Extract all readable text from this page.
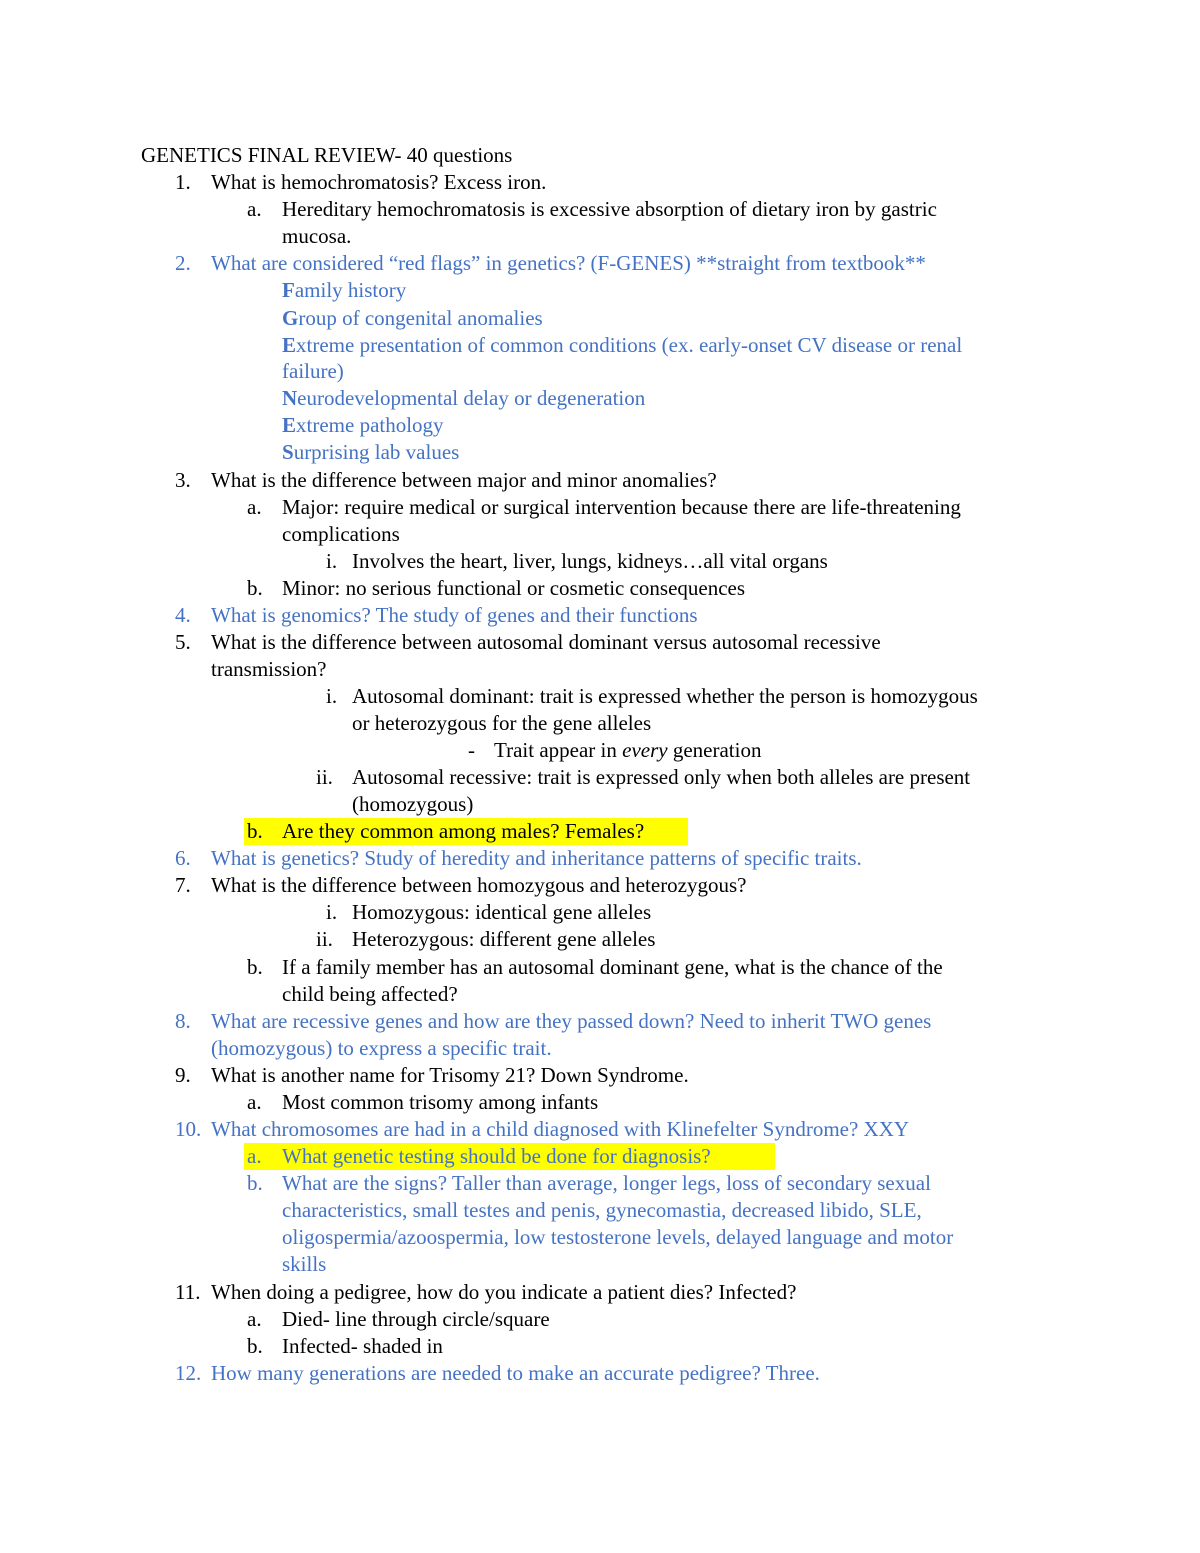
GENETICS FINAL REVIEW- 40 questions
1. What is hemochromatosis? Excess iron.
a. Hereditary hemochromatosis is excessive absorption of dietary iron by gastric
mucosa.
2. What are considered “red flags” in genetics? (F-GENES) **straight from textbook**
Family history
Group of congenital anomalies
Extreme presentation of common conditions (ex. early-onset CV disease or renal
failure)
Neurodevelopmental delay or degeneration
Extreme pathology
Surprising lab values
3. What is the difference between major and minor anomalies?
a. Major: require medical or surgical intervention because there are life-threatening
complications
i. Involves the heart, liver, lungs, kidneys…all vital organs
b. Minor: no serious functional or cosmetic consequences
4. What is genomics? The study of genes and their functions
5. What is the difference between autosomal dominant versus autosomal recessive
transmission?
i. Autosomal dominant: trait is expressed whether the person is homozygous
or heterozygous for the gene alleles
- Trait appear in every generation
ii. Autosomal recessive: trait is expressed only when both alleles are present
(homozygous)
b. Are they common among males? Females?
6. What is genetics? Study of heredity and inheritance patterns of specific traits.
7. What is the difference between homozygous and heterozygous?
i. Homozygous: identical gene alleles
ii. Heterozygous: different gene alleles
b. If a family member has an autosomal dominant gene, what is the chance of the
child being affected?
8. What are recessive genes and how are they passed down? Need to inherit TWO genes
(homozygous) to express a specific trait.
9. What is another name for Trisomy 21? Down Syndrome.
a. Most common trisomy among infants
10. What chromosomes are had in a child diagnosed with Klinefelter Syndrome? XXY
a. What genetic testing should be done for diagnosis?
b. What are the signs? Taller than average, longer legs, loss of secondary sexual
characteristics, small testes and penis, gynecomastia, decreased libido, SLE,
oligospermia/azoospermia, low testosterone levels, delayed language and motor
skills
11. When doing a pedigree, how do you indicate a patient dies? Infected?
a. Died- line through circle/square
b. Infected- shaded in
12. How many generations are needed to make an accurate pedigree? Three.
